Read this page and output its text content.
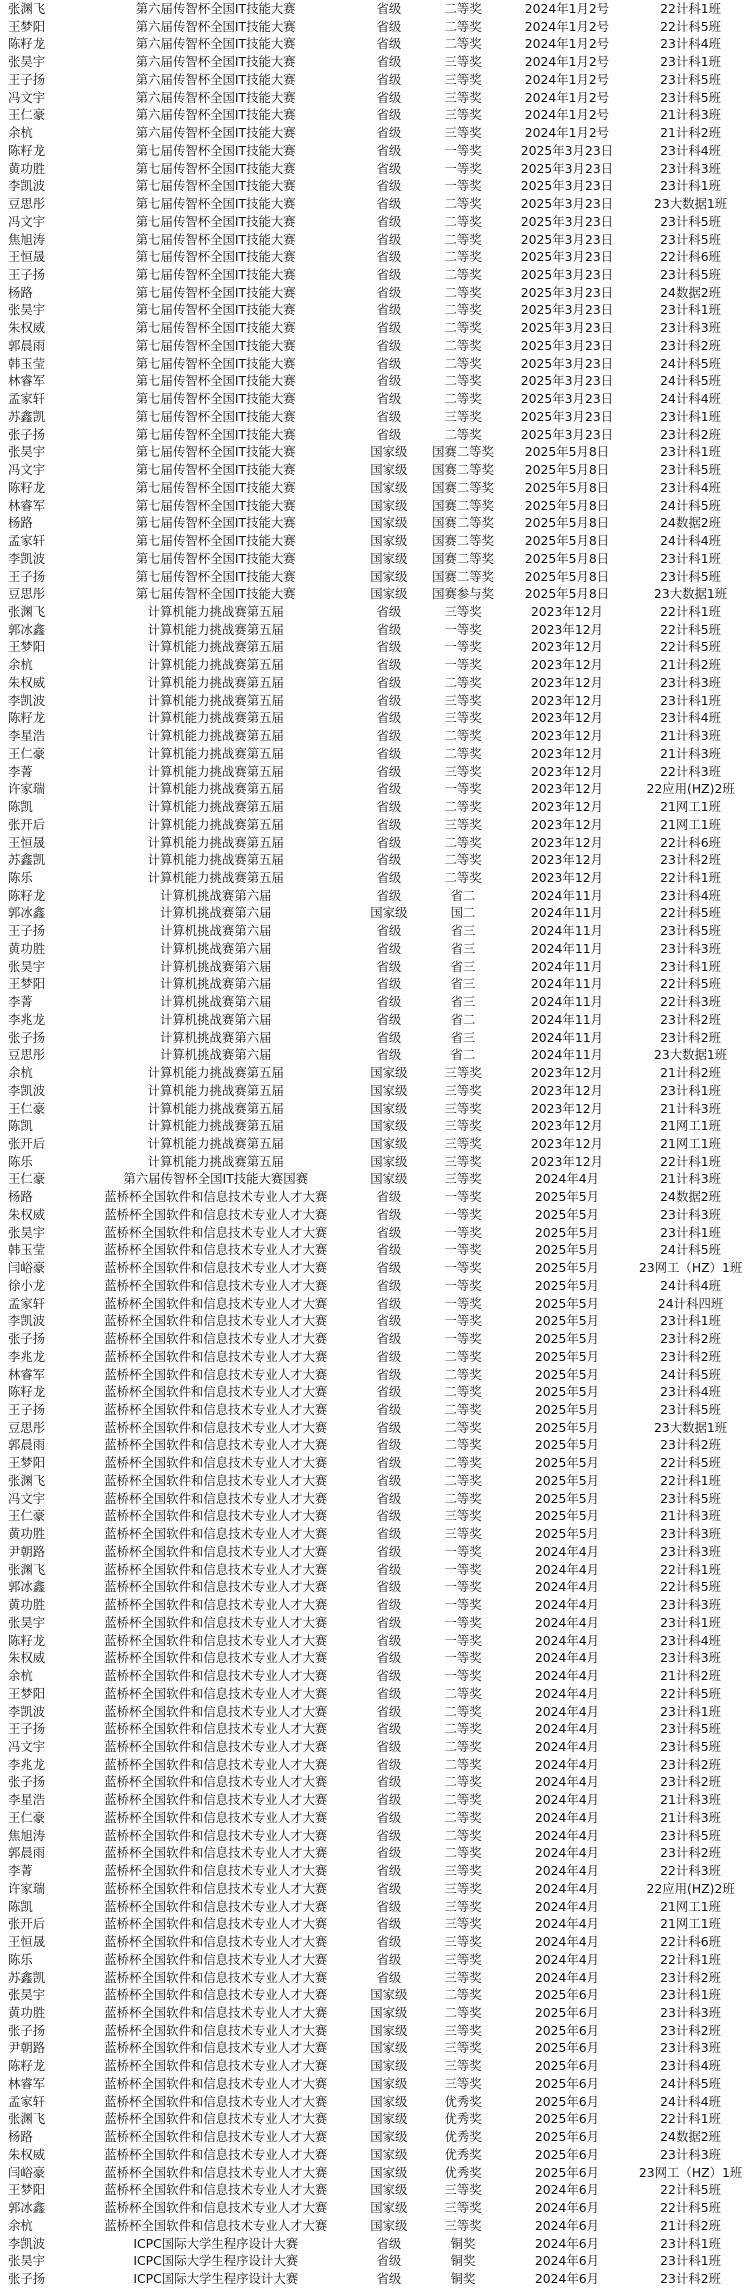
张渊飞	第六届传智杯全国IT技能大赛	省级	二等奖	2024年1月2号	22计科1班
王梦阳	第六届传智杯全国IT技能大赛	省级	二等奖	2024年1月2号	22计科5班
陈籽龙	第六届传智杯全国IT技能大赛	省级	二等奖	2024年1月2号	23计科4班
张昊宇	第六届传智杯全国IT技能大赛	省级	三等奖	2024年1月2号	23计科1班
王子扬	第六届传智杯全国IT技能大赛	省级	三等奖	2024年1月2号	23计科5班
冯文宇	第六届传智杯全国IT技能大赛	省级	三等奖	2024年1月2号	23计科5班
王仁豪	第六届传智杯全国IT技能大赛	省级	三等奖	2024年1月2号	21计科3班
余杭	第六届传智杯全国IT技能大赛	省级	三等奖	2024年1月2号	21计科2班
陈籽龙	第七届传智杯全国IT技能大赛	省级	一等奖	2025年3月23日	23计科4班
黄功胜	第七届传智杯全国IT技能大赛	省级	一等奖	2025年3月23日	23计科3班
李凯波	第七届传智杯全国IT技能大赛	省级	一等奖	2025年3月23日	23计科1班
豆思彤	第七届传智杯全国IT技能大赛	省级	二等奖	2025年3月23日	23大数据1班
冯文宇	第七届传智杯全国IT技能大赛	省级	二等奖	2025年3月23日	23计科5班
焦旭涛	第七届传智杯全国IT技能大赛	省级	二等奖	2025年3月23日	23计科5班
王恒晟	第七届传智杯全国IT技能大赛	省级	二等奖	2025年3月23日	22计科6班
王子扬	第七届传智杯全国IT技能大赛	省级	二等奖	2025年3月23日	23计科5班
杨路	第七届传智杯全国IT技能大赛	省级	二等奖	2025年3月23日	24数据2班
张昊宇	第七届传智杯全国IT技能大赛	省级	二等奖	2025年3月23日	23计科1班
朱权威	第七届传智杯全国IT技能大赛	省级	二等奖	2025年3月23日	23计科3班
郭晨雨	第七届传智杯全国IT技能大赛	省级	二等奖	2025年3月23日	23计科2班
韩玉莹	第七届传智杯全国IT技能大赛	省级	二等奖	2025年3月23日	24计科5班
林睿军	第七届传智杯全国IT技能大赛	省级	二等奖	2025年3月23日	24计科5班
孟家轩	第七届传智杯全国IT技能大赛	省级	二等奖	2025年3月23日	24计科4班
苏鑫凯	第七届传智杯全国IT技能大赛	省级	三等奖	2025年3月23日	23计科1班
张子扬	第七届传智杯全国IT技能大赛	省级	二等奖	2025年3月23日	23计科2班
张昊宇	第七届传智杯全国IT技能大赛	国家级	国赛二等奖	2025年5月8日	23计科1班
冯文宇	第七届传智杯全国IT技能大赛	国家级	国赛二等奖	2025年5月8日	23计科5班
陈籽龙	第七届传智杯全国IT技能大赛	国家级	国赛二等奖	2025年5月8日	23计科4班
林睿军	第七届传智杯全国IT技能大赛	国家级	国赛二等奖	2025年5月8日	24计科5班
杨路	第七届传智杯全国IT技能大赛	国家级	国赛二等奖	2025年5月8日	24数据2班
孟家轩	第七届传智杯全国IT技能大赛	国家级	国赛二等奖	2025年5月8日	24计科4班
李凯波	第七届传智杯全国IT技能大赛	国家级	国赛二等奖	2025年5月8日	23计科1班
王子扬	第七届传智杯全国IT技能大赛	国家级	国赛二等奖	2025年5月8日	23计科5班
豆思彤	第七届传智杯全国IT技能大赛	国家级	国赛参与奖	2025年5月8日	23大数据1班
张渊飞	计算机能力挑战赛第五届	省级	三等奖	2023年12月	22计科1班
郭冰鑫	计算机能力挑战赛第五届	省级	一等奖	2023年12月	22计科5班
王梦阳	计算机能力挑战赛第五届	省级	一等奖	2023年12月	22计科5班
余杭	计算机能力挑战赛第五届	省级	一等奖	2023年12月	21计科2班
朱权威	计算机能力挑战赛第五届	省级	二等奖	2023年12月	23计科3班
李凯波	计算机能力挑战赛第五届	省级	三等奖	2023年12月	23计科1班
陈籽龙	计算机能力挑战赛第五届	省级	三等奖	2023年12月	23计科4班
李星浩	计算机能力挑战赛第五届	省级	二等奖	2023年12月	21计科3班
王仁豪	计算机能力挑战赛第五届	省级	二等奖	2023年12月	21计科3班
李菁	计算机能力挑战赛第五届	省级	三等奖	2023年12月	22计科3班
许家瑞	计算机能力挑战赛第五届	省级	一等奖	2023年12月	22应用(HZ)2班
陈凯	计算机能力挑战赛第五届	省级	二等奖	2023年12月	21网工1班
张开后	计算机能力挑战赛第五届	省级	三等奖	2023年12月	21网工1班
王恒晟	计算机能力挑战赛第五届	省级	二等奖	2023年12月	22计科6班
苏鑫凯	计算机能力挑战赛第五届	省级	二等奖	2023年12月	23计科2班
陈乐	计算机能力挑战赛第五届	省级	二等奖	2023年12月	22计科1班
陈籽龙	计算机挑战赛第六届	省级	省二	2024年11月	23计科4班
郭冰鑫	计算机挑战赛第六届	国家级	国二	2024年11月	22计科5班
王子扬	计算机挑战赛第六届	省级	省三	2024年11月	23计科5班
黄功胜	计算机挑战赛第六届	省级	省三	2024年11月	23计科3班
张昊宇	计算机挑战赛第六届	省级	省三	2024年11月	23计科1班
王梦阳	计算机挑战赛第六届	省级	省三	2024年11月	22计科5班
李菁	计算机挑战赛第六届	省级	省三	2024年11月	22计科3班
李兆龙	计算机挑战赛第六届	省级	省二	2024年11月	23计科2班
张子扬	计算机挑战赛第六届	省级	省三	2024年11月	23计科2班
豆思彤	计算机挑战赛第六届	省级	省二	2024年11月	23大数据1班
余杭	计算机能力挑战赛第五届	国家级	三等奖	2023年12月	21计科2班
李凯波	计算机能力挑战赛第五届	国家级	三等奖	2023年12月	23计科1班
王仁豪	计算机能力挑战赛第五届	国家级	三等奖	2023年12月	21计科3班
陈凯	计算机能力挑战赛第五届	国家级	三等奖	2023年12月	21网工1班
张开后	计算机能力挑战赛第五届	国家级	三等奖	2023年12月	21网工1班
陈乐	计算机能力挑战赛第五届	国家级	三等奖	2023年12月	22计科1班
王仁豪	第六届传智杯全国IT技能大赛国赛	国家级	三等奖	2024年4月	21计科3班
杨路	蓝桥杯全国软件和信息技术专业人才大赛	省级	一等奖	2025年5月	24数据2班
朱权威	蓝桥杯全国软件和信息技术专业人才大赛	省级	一等奖	2025年5月	23计科3班
张昊宇	蓝桥杯全国软件和信息技术专业人才大赛	省级	一等奖	2025年5月	23计科1班
韩玉莹	蓝桥杯全国软件和信息技术专业人才大赛	省级	一等奖	2025年5月	24计科5班
闫峪豪	蓝桥杯全国软件和信息技术专业人才大赛	省级	一等奖	2025年5月	23网工（HZ）1班
徐小龙	蓝桥杯全国软件和信息技术专业人才大赛	省级	一等奖	2025年5月	24计科4班
孟家轩	蓝桥杯全国软件和信息技术专业人才大赛	省级	一等奖	2025年5月	24计科四班
李凯波	蓝桥杯全国软件和信息技术专业人才大赛	省级	一等奖	2025年5月	23计科1班
张子扬	蓝桥杯全国软件和信息技术专业人才大赛	省级	一等奖	2025年5月	23计科2班
李兆龙	蓝桥杯全国软件和信息技术专业人才大赛	省级	二等奖	2025年5月	23计科2班
林睿军	蓝桥杯全国软件和信息技术专业人才大赛	省级	二等奖	2025年5月	24计科5班
陈籽龙	蓝桥杯全国软件和信息技术专业人才大赛	省级	二等奖	2025年5月	23计科4班
王子扬	蓝桥杯全国软件和信息技术专业人才大赛	省级	二等奖	2025年5月	23计科5班
豆思彤	蓝桥杯全国软件和信息技术专业人才大赛	省级	二等奖	2025年5月	23大数据1班
郭晨雨	蓝桥杯全国软件和信息技术专业人才大赛	省级	二等奖	2025年5月	23计科2班
王梦阳	蓝桥杯全国软件和信息技术专业人才大赛	省级	二等奖	2025年5月	22计科5班
张渊飞	蓝桥杯全国软件和信息技术专业人才大赛	省级	二等奖	2025年5月	22计科1班
冯文宇	蓝桥杯全国软件和信息技术专业人才大赛	省级	二等奖	2025年5月	23计科5班
王仁豪	蓝桥杯全国软件和信息技术专业人才大赛	省级	三等奖	2025年5月	21计科3班
黄功胜	蓝桥杯全国软件和信息技术专业人才大赛	省级	三等奖	2025年5月	23计科3班
尹朝路	蓝桥杯全国软件和信息技术专业人才大赛	省级	一等奖	2024年4月	23计科3班
张渊飞	蓝桥杯全国软件和信息技术专业人才大赛	省级	一等奖	2024年4月	22计科1班
郭冰鑫	蓝桥杯全国软件和信息技术专业人才大赛	省级	一等奖	2024年4月	22计科5班
黄功胜	蓝桥杯全国软件和信息技术专业人才大赛	省级	一等奖	2024年4月	23计科3班
张昊宇	蓝桥杯全国软件和信息技术专业人才大赛	省级	一等奖	2024年4月	23计科1班
陈籽龙	蓝桥杯全国软件和信息技术专业人才大赛	省级	一等奖	2024年4月	23计科4班
朱权威	蓝桥杯全国软件和信息技术专业人才大赛	省级	一等奖	2024年4月	23计科3班
余杭	蓝桥杯全国软件和信息技术专业人才大赛	省级	一等奖	2024年4月	21计科2班
王梦阳	蓝桥杯全国软件和信息技术专业人才大赛	省级	二等奖	2024年4月	22计科5班
李凯波	蓝桥杯全国软件和信息技术专业人才大赛	省级	二等奖	2024年4月	23计科1班
王子扬	蓝桥杯全国软件和信息技术专业人才大赛	省级	二等奖	2024年4月	23计科5班
冯文宇	蓝桥杯全国软件和信息技术专业人才大赛	省级	二等奖	2024年4月	23计科5班
李兆龙	蓝桥杯全国软件和信息技术专业人才大赛	省级	二等奖	2024年4月	23计科2班
张子扬	蓝桥杯全国软件和信息技术专业人才大赛	省级	二等奖	2024年4月	23计科2班
李星浩	蓝桥杯全国软件和信息技术专业人才大赛	省级	二等奖	2024年4月	21计科3班
王仁豪	蓝桥杯全国软件和信息技术专业人才大赛	省级	二等奖	2024年4月	21计科3班
焦旭涛	蓝桥杯全国软件和信息技术专业人才大赛	省级	二等奖	2024年4月	23计科5班
郭晨雨	蓝桥杯全国软件和信息技术专业人才大赛	省级	二等奖	2024年4月	23计科2班
李菁	蓝桥杯全国软件和信息技术专业人才大赛	省级	三等奖	2024年4月	22计科3班
许家瑞	蓝桥杯全国软件和信息技术专业人才大赛	省级	三等奖	2024年4月	22应用(HZ)2班
陈凯	蓝桥杯全国软件和信息技术专业人才大赛	省级	三等奖	2024年4月	21网工1班
张开后	蓝桥杯全国软件和信息技术专业人才大赛	省级	三等奖	2024年4月	21网工1班
王恒晟	蓝桥杯全国软件和信息技术专业人才大赛	省级	三等奖	2024年4月	22计科6班
陈乐	蓝桥杯全国软件和信息技术专业人才大赛	省级	三等奖	2024年4月	22计科1班
苏鑫凯	蓝桥杯全国软件和信息技术专业人才大赛	省级	三等奖	2024年4月	23计科2班
张昊宇	蓝桥杯全国软件和信息技术专业人才大赛	国家级	二等奖	2025年6月	23计科1班
黄功胜	蓝桥杯全国软件和信息技术专业人才大赛	国家级	二等奖	2025年6月	23计科3班
张子扬	蓝桥杯全国软件和信息技术专业人才大赛	国家级	三等奖	2025年6月	23计科2班
尹朝路	蓝桥杯全国软件和信息技术专业人才大赛	国家级	三等奖	2025年6月	23计科3班
陈籽龙	蓝桥杯全国软件和信息技术专业人才大赛	国家级	三等奖	2025年6月	23计科4班
林睿军	蓝桥杯全国软件和信息技术专业人才大赛	国家级	三等奖	2025年6月	24计科5班
孟家轩	蓝桥杯全国软件和信息技术专业人才大赛	国家级	优秀奖	2025年6月	24计科4班
张渊飞	蓝桥杯全国软件和信息技术专业人才大赛	国家级	优秀奖	2025年6月	22计科1班
杨路	蓝桥杯全国软件和信息技术专业人才大赛	国家级	优秀奖	2025年6月	24数据2班
朱权威	蓝桥杯全国软件和信息技术专业人才大赛	国家级	优秀奖	2025年6月	23计科3班
闫峪豪	蓝桥杯全国软件和信息技术专业人才大赛	国家级	优秀奖	2025年6月	23网工（HZ）1班
王梦阳	蓝桥杯全国软件和信息技术专业人才大赛	国家级	三等奖	2024年6月	22计科5班
郭冰鑫	蓝桥杯全国软件和信息技术专业人才大赛	国家级	三等奖	2024年6月	22计科5班
余杭	蓝桥杯全国软件和信息技术专业人才大赛	国家级	三等奖	2024年6月	21计科2班
李凯波	ICPC国际大学生程序设计大赛	省级	铜奖	2024年6月	23计科1班
张昊宇	ICPC国际大学生程序设计大赛	省级	铜奖	2024年6月	23计科1班
张子扬	ICPC国际大学生程序设计大赛	省级	铜奖	2024年6月	23计科2班
